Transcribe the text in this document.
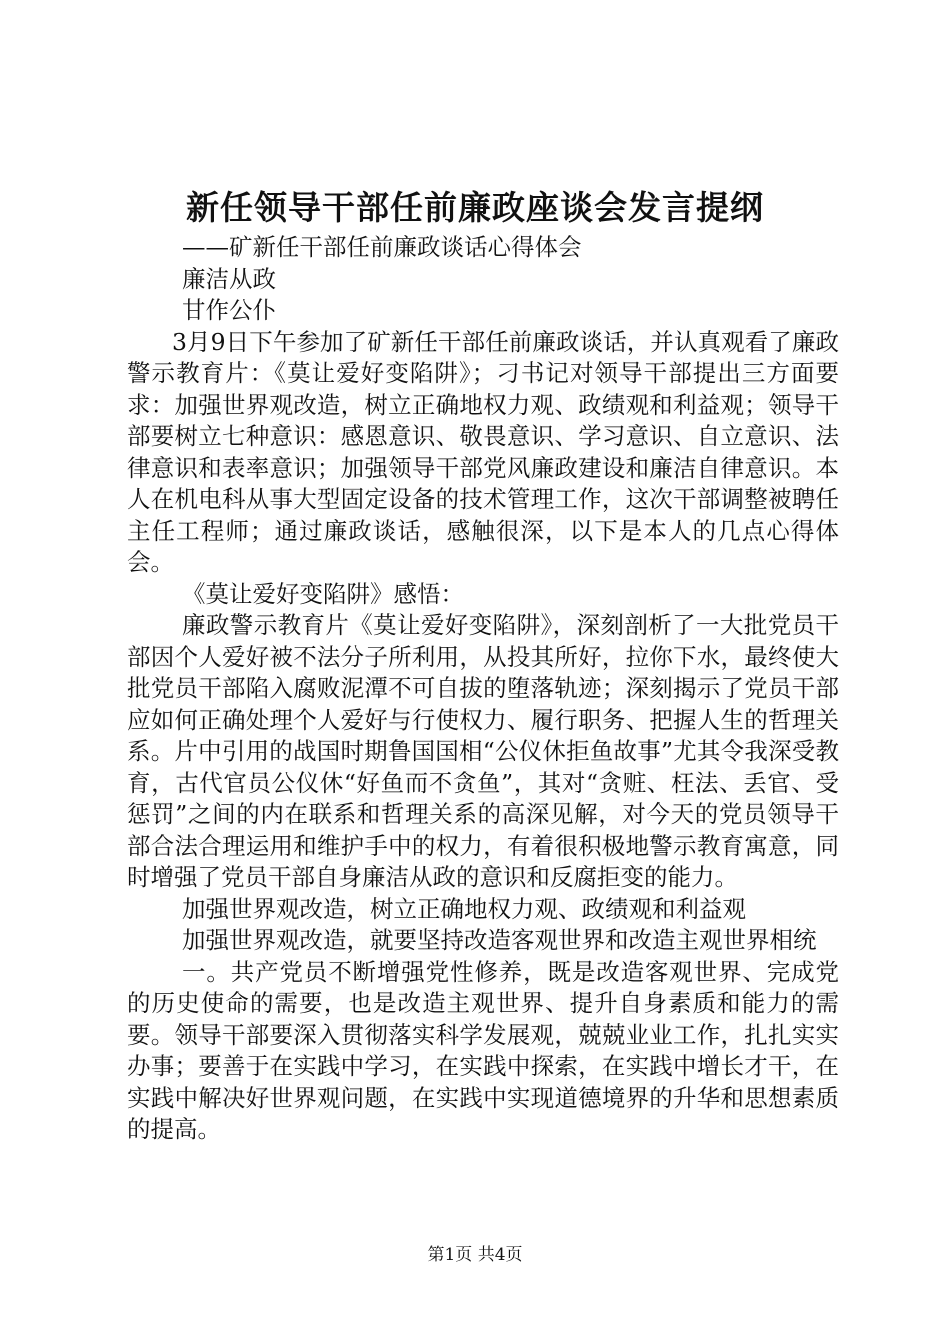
新任领导干部任前廉政座谈会发言提纲

——矿新任干部任前廉政谈话心得体会

廉洁从政

甘作公仆

3月9日下午参加了矿新任干部任前廉政谈话，并认真观看了廉政警示教育片：《莫让爱好变陷阱》；刁书记对领导干部提出三方面要求：加强世界观改造，树立正确地权力观、政绩观和利益观；领导干部要树立七种意识：感恩意识、敬畏意识、学习意识、自立意识、法律意识和表率意识；加强领导干部党风廉政建设和廉洁自律意识。本人在机电科从事大型固定设备的技术管理工作，这次干部调整被聘任主任工程师；通过廉政谈话，感触很深，以下是本人的几点心得体会。

《莫让爱好变陷阱》感悟：

廉政警示教育片《莫让爱好变陷阱》，深刻剖析了一大批党员干部因个人爱好被不法分子所利用，从投其所好，拉你下水，最终使大批党员干部陷入腐败泥潭不可自拔的堕落轨迹；深刻揭示了党员干部应如何正确处理个人爱好与行使权力、履行职务、把握人生的哲理关系。片中引用的战国时期鲁国国相“公仪休拒鱼故事”尤其令我深受教育，古代官员公仪休“好鱼而不贪鱼”，其对“贪赃、枉法、丢官、受惩罚”之间的内在联系和哲理关系的高深见解，对今天的党员领导干部合法合理运用和维护手中的权力，有着很积极地警示教育寓意，同时增强了党员干部自身廉洁从政的意识和反腐拒变的能力。

加强世界观改造，树立正确地权力观、政绩观和利益观

加强世界观改造，就要坚持改造客观世界和改造主观世界相统

一。共产党员不断增强党性修养，既是改造客观世界、完成党的历史使命的需要，也是改造主观世界、提升自身素质和能力的需要。领导干部要深入贯彻落实科学发展观，兢兢业业工作，扎扎实实办事；要善于在实践中学习，在实践中探索，在实践中增长才干，在实践中解决好世界观问题，在实践中实现道德境界的升华和思想素质的提高。

第1页 共4页
